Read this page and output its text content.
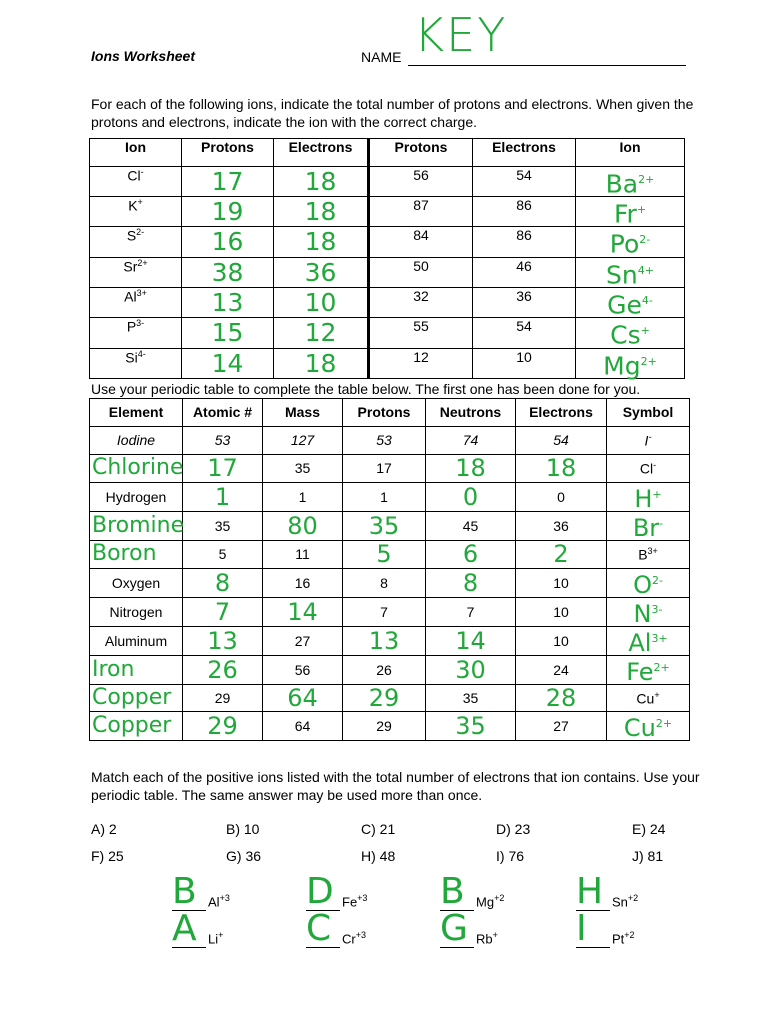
Ions Worksheet	NAME KEY
For each of the following ions, indicate the total number of protons and electrons. When given the protons and electrons, indicate the ion with the correct charge.
Ion	Protons	Electrons	Protons	Electrons	Ion
Cl-	17	18	56	54	$Ba^{2+}$
K+	19	18	87	86	Fr+
$S^{2-}$	16	18	84	86	$Po^{2-}$
$Sr^{2+}$	38	36	50	46	$Sn^{4+}$
$Al^{3+}$	13	10	32	36	$Ge^{4-}$
$P^{3-}$	15	12	55	54	Cs+
$Si^{4-}$	14	18	12	10	$Mg^{2+}$
Use your periodic table to complete the table below. The first one has been done for you.
Element	Atomic #	Mass	Protons	Neutrons	Electrons	Symbol
Iodine	53	127	53	74	54	I-
Chlorine	17	35	17	18	18	Cl-
Hydrogen	1	1	1	0	0	H+
Bromine	35	80	35	45	36	Br-
Boron	5	11	5	6	2	$B^{3+}$
Oxygen	8	16	8	8	10	$O^{2-}$
Nitrogen	7	14	7	7	10	$N^{3-}$
Aluminum	13	27	13	14	10	$Al^{3+}$
Iron	26	56	26	30	24	$Fe^{2+}$
Copper	29	64	29	35	28	Cu+
Copper	29	64	29	35	27	$Cu^{2+}$
Match each of the positive ions listed with the total number of electrons that ion contains. Use your periodic table. The same answer may be used more than once.
A) 2	B) 10	C) 21	D) 23	E) 24
F) 25	G) 36	H) 48	I) 76	J) 81
B $Al^{+3}$ D $Fe^{+3}$ B $Mg^{+2}$ H $Sn^{+2}$
A Li+ C $Cr^{+3}$ G Rb+ I $Pt^{+2}$
